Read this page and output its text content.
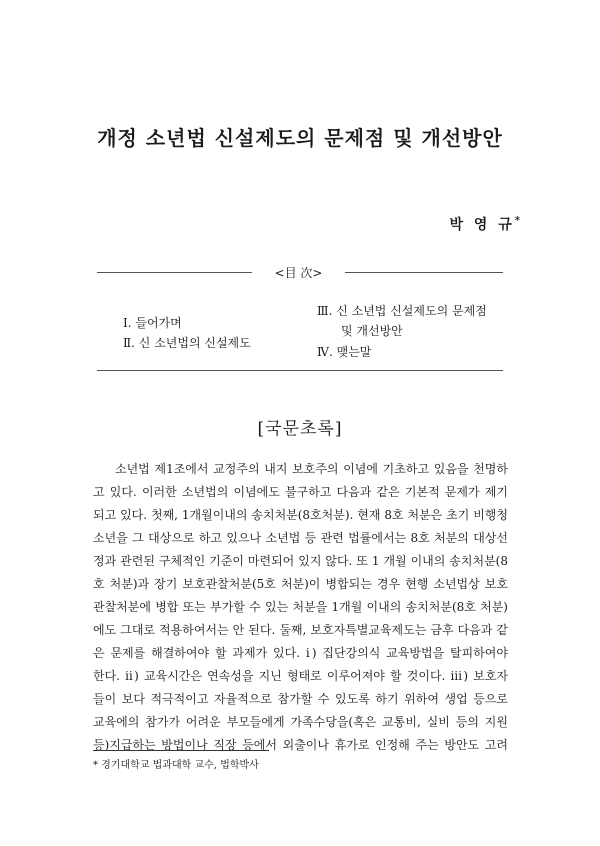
개정 소년법 신설제도의 문제점 및 개선방안
박 영 규*
<目 次>
Ⅰ. 들어가며
Ⅱ. 신 소년법의 신설제도
Ⅲ. 신 소년법 신설제도의 문제점
및 개선방안
Ⅳ. 맺는말
[국문초록]
소년법 제1조에서 교정주의 내지 보호주의 이념에 기초하고 있음을 천명하
고 있다. 이러한 소년법의 이념에도 불구하고 다음과 같은 기본적 문제가 제기
되고 있다. 첫째, 1개월이내의 송치처분(8호처분). 현재 8호 처분은 초기 비행청
소년을 그 대상으로 하고 있으나 소년법 등 관련 법률에서는 8호 처분의 대상선
정과 관련된 구체적인 기준이 마련되어 있지 않다. 또 1 개월 이내의 송치처분(8
호 처분)과 장기 보호관찰처분(5호 처분)이 병합되는 경우 현행 소년법상 보호
관찰처분에 병합 또는 부가할 수 있는 처분을 1개월 이내의 송치처분(8호 처분)
에도 그대로 적용하여서는 안 된다. 둘째, 보호자특별교육제도는 금후 다음과 같
은 문제를 해결하여야 할 과제가 있다. ⅰ) 집단강의식 교육방법을 탈피하여야
한다. ⅱ) 교육시간은 연속성을 지닌 형태로 이루어져야 할 것이다. ⅲ) 보호자
들이 보다 적극적이고 자율적으로 참가할 수 있도록 하기 위하여 생업 등으로
교육에의 참가가 어려운 부모들에게 가족수당을(혹은 교통비, 실비 등의 지원
등)지급하는 방법이나 직장 등에서 외출이나 휴가로 인정해 주는 방안도 고려
* 경기대학교 법과대학 교수, 법학박사
